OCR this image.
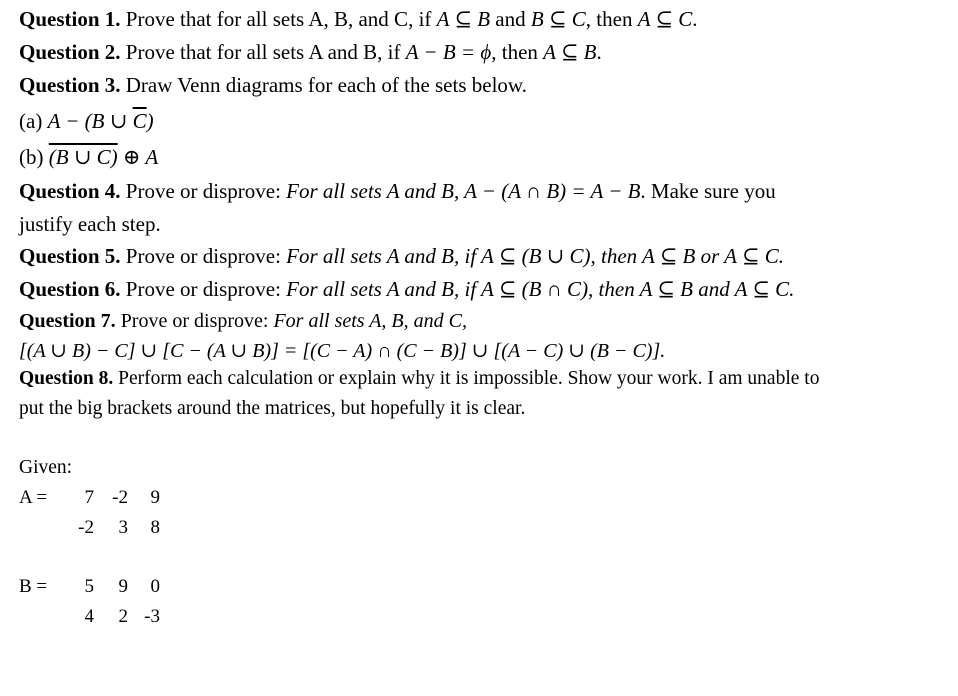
Question 1. Prove that for all sets A, B, and C, if A ⊆ B and B ⊆ C, then A ⊆ C.
Question 2. Prove that for all sets A and B, if A − B = ϕ, then A ⊆ B.
Question 3. Draw Venn diagrams for each of the sets below.
(a) A − (B ∪ $\overline{C}$)
(b) (B ∪ C) ⊕ A
Question 4. Prove or disprove: For all sets A and B, A − (A ∩ B) = A − B. Make sure you
justify each step.
Question 5. Prove or disprove: For all sets A and B, if A ⊆ (B ∪ C), then A ⊆ B or A ⊆ C.
Question 6. Prove or disprove: For all sets A and B, if A ⊆ (B ∩ C), then A ⊆ B and A ⊆ C.
Question 7. Prove or disprove: For all sets A, B, and C,
[(A ∪ B) − C] ∪ [C − (A ∪ B)] = [(C − A) ∩ (C − B)] ∪ [(A − C) ∪ (B − C)].
Question 8. Perform each calculation or explain why it is impossible. Show your work. I am unable to
put the big brackets around the matrices, but hopefully it is clear.
Given:
A =	7 -2	9
-2	3	8
B =	5	9	0
4	2 -3
